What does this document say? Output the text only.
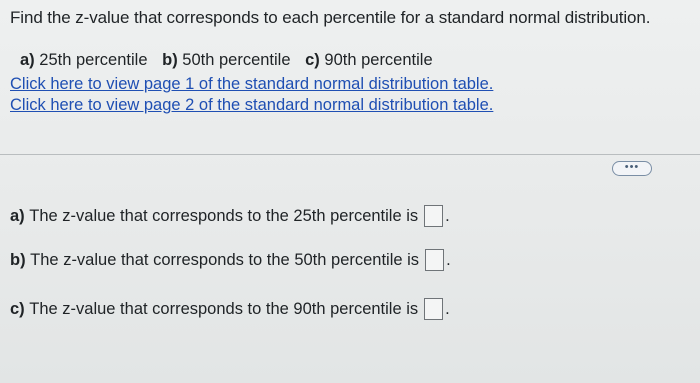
Find the z-value that corresponds to each percentile for a standard normal distribution.
a) 25th percentile b) 50th percentile c) 90th percentile
Click here to view page 1 of the standard normal distribution table.
Click here to view page 2 of the standard normal distribution table.
•••
a)
The z-value that corresponds to the 25th percentile is .
b)
The z-value that corresponds to the 50th percentile is .
c)
The z-value that corresponds to the 90th percentile is .
